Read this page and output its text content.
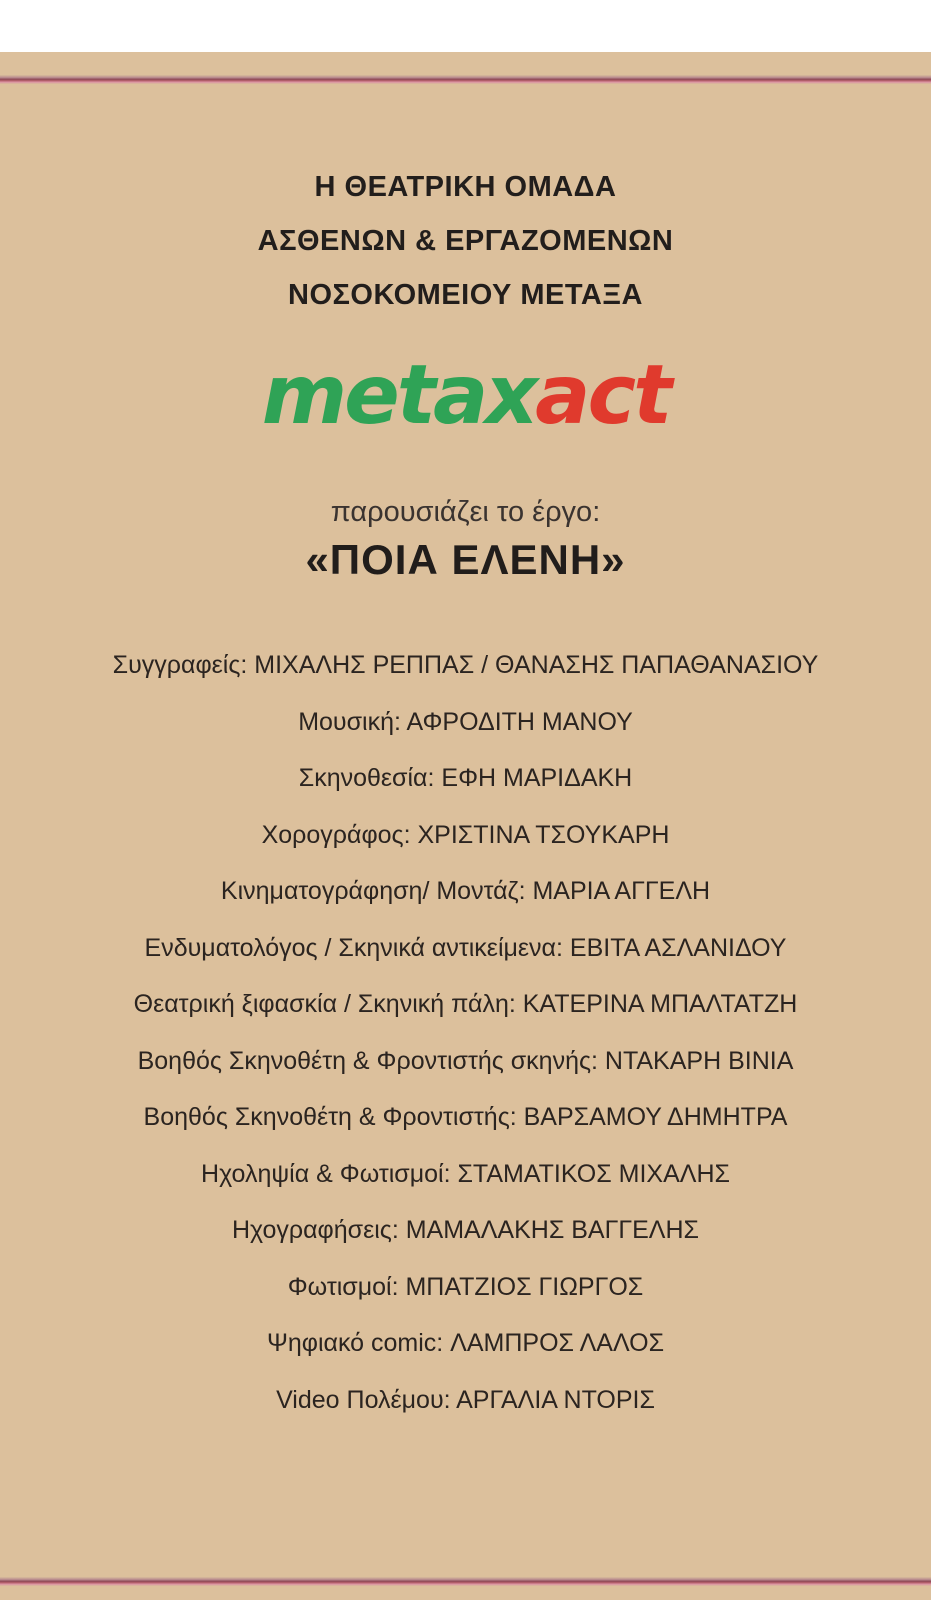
Η ΘΕΑΤΡΙΚΗ ΟΜΑΔΑ
ΑΣΘΕΝΩΝ & ΕΡΓΑΖΟΜΕΝΩΝ
ΝΟΣΟΚΟΜΕΙΟΥ ΜΕΤΑΞΑ
metaxact
παρουσιάζει το έργο:
«ΠΟΙΑ ΕΛΕΝΗ»
Συγγραφείς: ΜΙΧΑΛΗΣ ΡΕΠΠΑΣ / ΘΑΝΑΣΗΣ ΠΑΠΑΘΑΝΑΣΙΟΥ
Μουσική: ΑΦΡΟΔΙΤΗ ΜΑΝΟΥ
Σκηνοθεσία: ΕΦΗ ΜΑΡΙΔΑΚΗ
Χορογράφος: ΧΡΙΣΤΙΝΑ ΤΣΟΥΚΑΡΗ
Κινηματογράφηση/ Μοντάζ: ΜΑΡΙΑ ΑΓΓΕΛΗ
Ενδυματολόγος / Σκηνικά αντικείμενα: ΕΒΙΤΑ ΑΣΛΑΝΙΔΟΥ
Θεατρική ξιφασκία / Σκηνική πάλη: ΚΑΤΕΡΙΝΑ ΜΠΑΛΤΑΤΖΗ
Βοηθός Σκηνοθέτη & Φροντιστής σκηνής: ΝΤΑΚΑΡΗ ΒΙΝΙΑ
Βοηθός Σκηνοθέτη & Φροντιστής: ΒΑΡΣΑΜΟΥ ΔΗΜΗΤΡΑ
Ηχοληψία & Φωτισμοί: ΣΤΑΜΑΤΙΚΟΣ ΜΙΧΑΛΗΣ
Ηχογραφήσεις: ΜΑΜΑΛΑΚΗΣ ΒΑΓΓΕΛΗΣ
Φωτισμοί: ΜΠΑΤΖΙΟΣ ΓΙΩΡΓΟΣ
Ψηφιακό comic: ΛΑΜΠΡΟΣ ΛΑΛΟΣ
Video Πολέμου: ΑΡΓΑΛΙΑ ΝΤΟΡΙΣ
